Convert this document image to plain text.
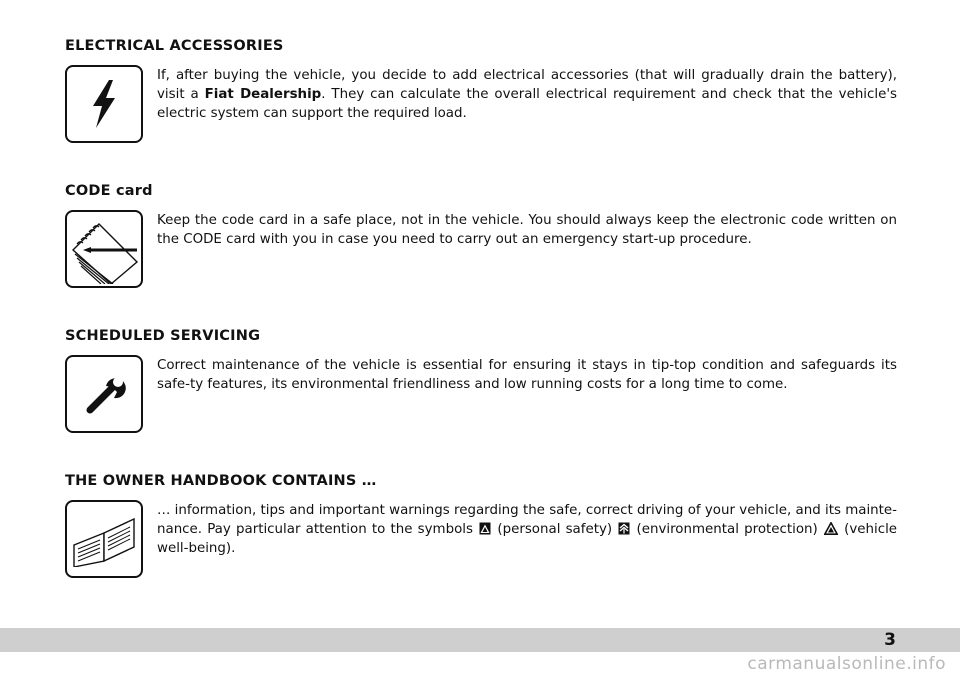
ELECTRICAL ACCESSORIES

If, after buying the vehicle, you decide to add electrical accessories (that will gradually drain the battery), visit a Fiat Dealership. They can calculate the overall electrical requirement and check that the vehicle's electric system can support the required load.

CODE card

Keep the code card in a safe place, not in the vehicle. You should always keep the electronic code written on the CODE card with you in case you need to carry out an emergency start-up procedure.

SCHEDULED SERVICING

Correct maintenance of the vehicle is essential for ensuring it stays in tip-top condition and safeguards its safe-ty features, its environmental friendliness and low running costs for a long time to come.

THE OWNER HANDBOOK CONTAINS …

… information, tips and important warnings regarding the safe, correct driving of your vehicle, and its mainte-nance. Pay particular attention to the symbols (personal safety) (environmental protection) (vehicle well-being).

3
carmanualsonline.info
